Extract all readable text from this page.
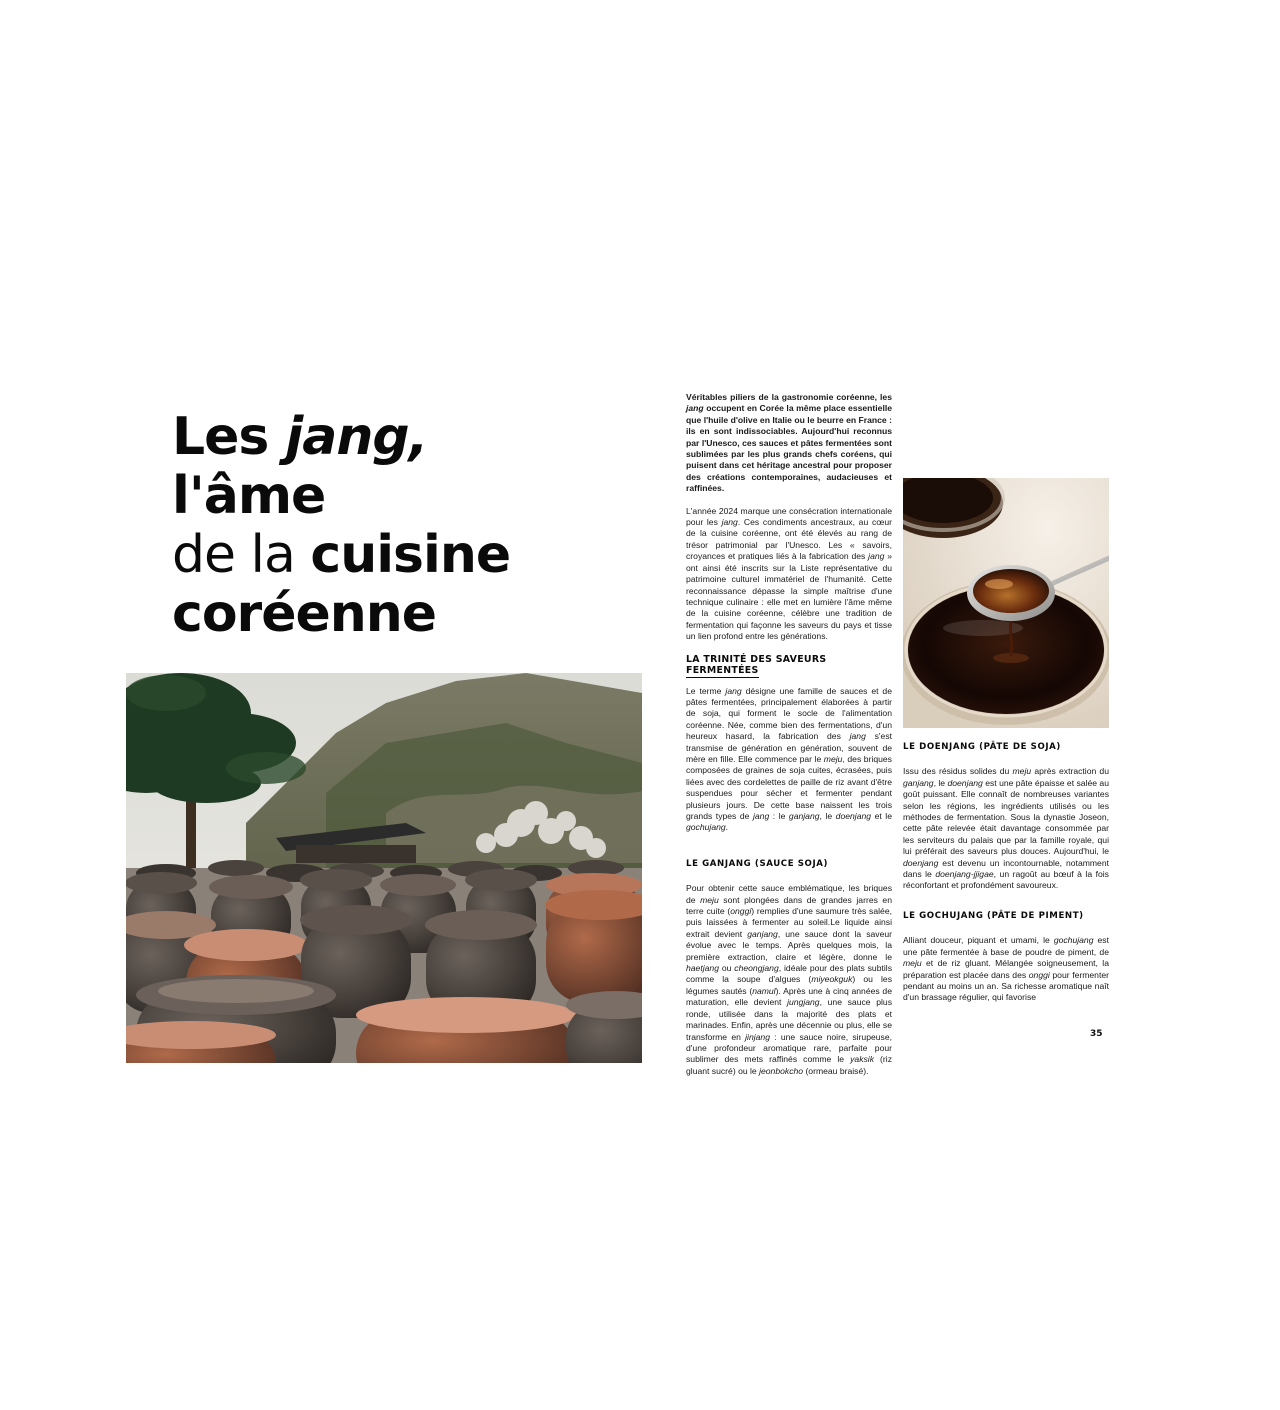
Les jang,
l'âme
de la cuisine
coréenne

Véritables piliers de la gastronomie coréenne, les jang occupent en Corée la même place essentielle que l'huile d'olive en Italie ou le beurre en France : ils en sont indissociables. Aujourd'hui reconnus par l'Unesco, ces sauces et pâtes fermentées sont sublimées par les plus grands chefs coréens, qui puisent dans cet héritage ancestral pour proposer des créations contemporaines, audacieuses et raffinées.

L'année 2024 marque une consécration internationale pour les jang. Ces condiments ancestraux, au cœur de la cuisine coréenne, ont été élevés au rang de trésor patrimonial par l'Unesco. Les « savoirs, croyances et pratiques liés à la fabrication des jang » ont ainsi été inscrits sur la Liste représentative du patrimoine culturel immatériel de l'humanité. Cette reconnaissance dépasse la simple maîtrise d'une technique culinaire : elle met en lumière l'âme même de la cuisine coréenne, célèbre une tradition de fermentation qui façonne les saveurs du pays et tisse un lien profond entre les générations.

LA TRINITÉ DES SAVEURS
FERMENTÉES

Le terme jang désigne une famille de sauces et de pâtes fermentées, principalement élaborées à partir de soja, qui forment le socle de l'alimentation coréenne. Née, comme bien des fermentations, d'un heureux hasard, la fabrication des jang s'est transmise de génération en génération, souvent de mère en fille. Elle commence par le meju, des briques composées de graines de soja cuites, écrasées, puis liées avec des cordelettes de paille de riz avant d'être suspendues pour sécher et fermenter pendant plusieurs jours. De cette base naissent les trois grands types de jang : le ganjang, le doenjang et le gochujang.

LE GANJANG (SAUCE SOJA)

Pour obtenir cette sauce emblématique, les briques de meju sont plongées dans de grandes jarres en terre cuite (onggi) remplies d'une saumure très salée, puis laissées à fermenter au soleil.Le liquide ainsi extrait devient ganjang, une sauce dont la saveur évolue avec le temps. Après quelques mois, la première extraction, claire et légère, donne le haetjang ou cheongjang, idéale pour des plats subtils comme la soupe d'algues (miyeokguk) ou les légumes sautés (namul). Après une à cinq années de maturation, elle devient jungjang, une sauce plus ronde, utilisée dans la majorité des plats et marinades. Enfin, après une décennie ou plus, elle se transforme en jinjang : une sauce noire, sirupeuse, d'une profondeur aromatique rare, parfaite pour sublimer des mets raffinés comme le yaksik (riz gluant sucré) ou le jeonbokcho (ormeau braisé).

LE DOENJANG (PÂTE DE SOJA)

Issu des résidus solides du meju après extraction du ganjang, le doenjang est une pâte épaisse et salée au goût puissant. Elle connaît de nombreuses variantes selon les régions, les ingrédients utilisés ou les méthodes de fermentation. Sous la dynastie Joseon, cette pâte relevée était davantage consommée par les serviteurs du palais que par la famille royale, qui lui préférait des saveurs plus douces. Aujourd'hui, le doenjang est devenu un incontournable, notamment dans le doenjang-jjigae, un ragoût au bœuf à la fois réconfortant et profondément savoureux.

LE GOCHUJANG (PÂTE DE PIMENT)

Alliant douceur, piquant et umami, le gochujang est une pâte fermentée à base de poudre de piment, de meju et de riz gluant. Mélangée soigneusement, la préparation est placée dans des onggi pour fermenter pendant au moins un an. Sa richesse aromatique naît d'un brassage régulier, qui favorise

35
